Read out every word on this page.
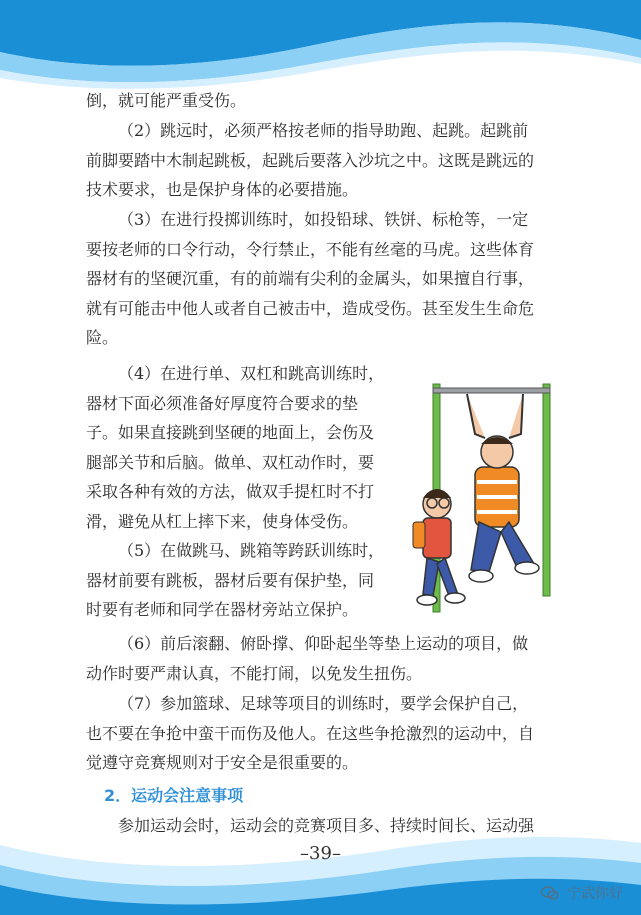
倒，就可能严重受伤。
（2）跳远时，必须严格按老师的指导助跑、起跳。起跳前
前脚要踏中木制起跳板，起跳后要落入沙坑之中。这既是跳远的
技术要求，也是保护身体的必要措施。
（3）在进行投掷训练时，如投铅球、铁饼、标枪等，一定
要按老师的口令行动，令行禁止，不能有丝毫的马虎。这些体育
器材有的坚硬沉重，有的前端有尖利的金属头，如果擅自行事，
就有可能击中他人或者自己被击中，造成受伤。甚至发生生命危
险。
（4）在进行单、双杠和跳高训练时，
器材下面必须准备好厚度符合要求的垫
子。如果直接跳到坚硬的地面上，会伤及
腿部关节和后脑。做单、双杠动作时，要
采取各种有效的方法，做双手提杠时不打
滑，避免从杠上摔下来，使身体受伤。
（5）在做跳马、跳箱等跨跃训练时，
器材前要有跳板，器材后要有保护垫，同
时要有老师和同学在器材旁站立保护。
（6）前后滚翻、俯卧撑、仰卧起坐等垫上运动的项目，做
动作时要严肃认真，不能打闹，以免发生扭伤。
（7）参加篮球、足球等项目的训练时，要学会保护自己，
也不要在争抢中蛮干而伤及他人。在这些争抢激烈的运动中，自
觉遵守竞赛规则对于安全是很重要的。
2．运动会注意事项
参加运动会时，运动会的竞赛项目多、持续时间长、运动强
–39–
宁武你好
